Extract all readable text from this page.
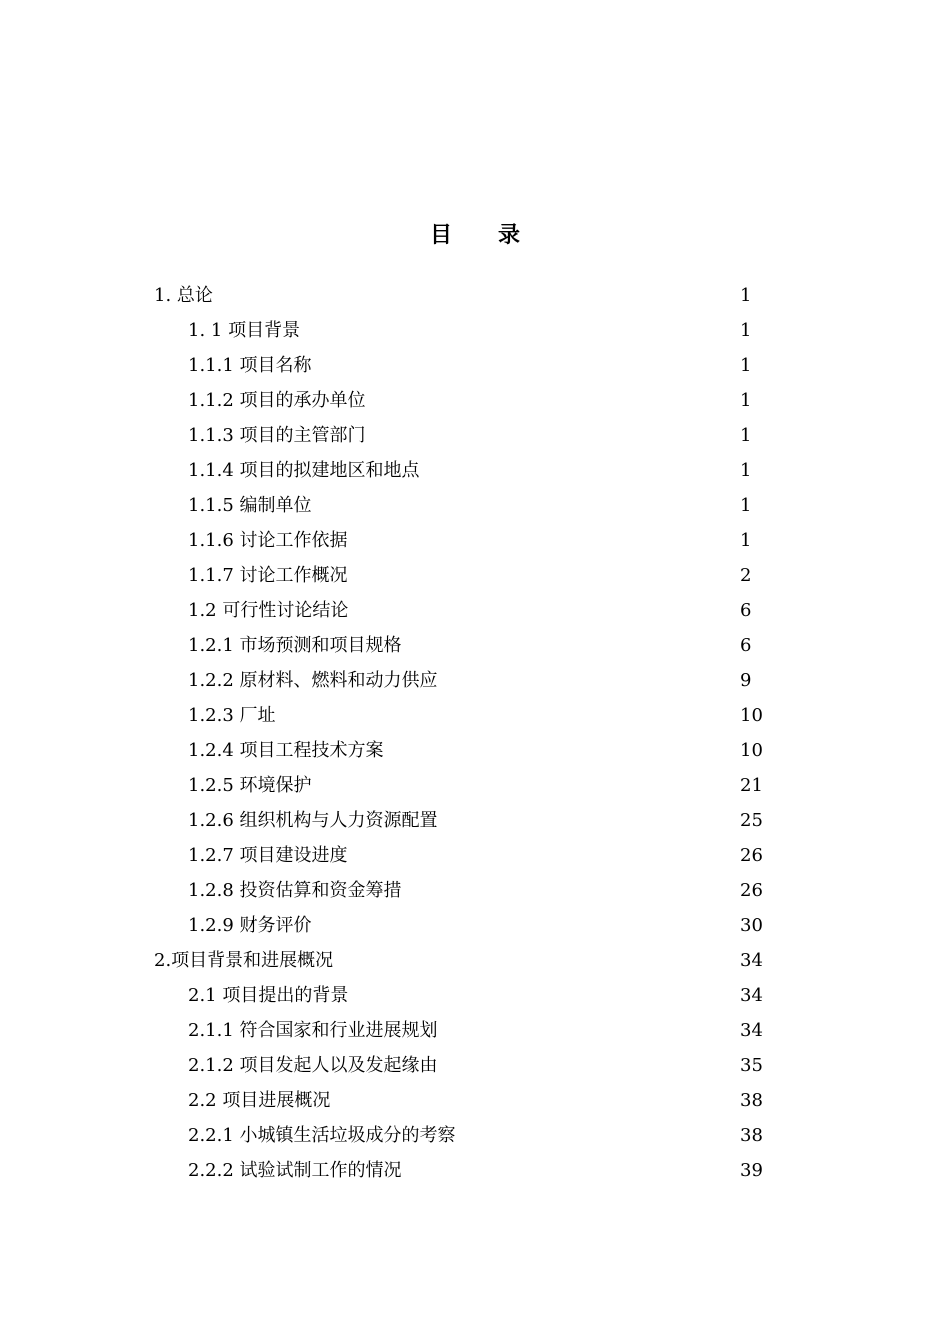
目 录
1. 总论	1
1. 1 项目背景	1
1.1.1 项目名称	1
1.1.2 项目的承办单位	1
1.1.3 项目的主管部门	1
1.1.4 项目的拟建地区和地点	1
1.1.5 编制单位	1
1.1.6 讨论工作依据	1
1.1.7 讨论工作概况	2
1.2 可行性讨论结论	6
1.2.1 市场预测和项目规格	6
1.2.2 原材料、燃料和动力供应	9
1.2.3 厂址	10
1.2.4 项目工程技术方案	10
1.2.5 环境保护	21
1.2.6 组织机构与人力资源配置	25
1.2.7 项目建设进度	26
1.2.8 投资估算和资金筹措	26
1.2.9 财务评价	30
2.项目背景和进展概况	34
2.1 项目提出的背景	34
2.1.1 符合国家和行业进展规划	34
2.1.2 项目发起人以及发起缘由	35
2.2 项目进展概况	38
2.2.1 小城镇生活垃圾成分的考察	38
2.2.2 试验试制工作的情况	39
